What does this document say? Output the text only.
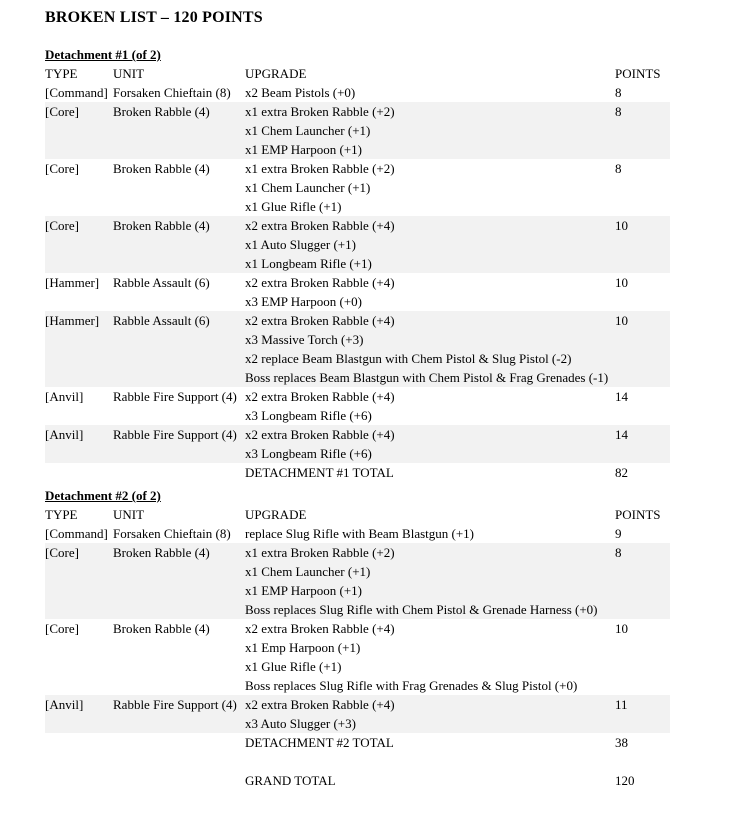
BROKEN LIST – 120 POINTS
Detachment #1 (of 2)
TYPE	UNIT	UPGRADE	POINTS
[Command]	Forsaken Chieftain (8)	x2 Beam Pistols (+0)	8
[Core]	Broken Rabble (4)	x1 extra Broken Rabble (+2)
x1 Chem Launcher (+1)
x1 EMP Harpoon (+1)	8
[Core]	Broken Rabble (4)	x1 extra Broken Rabble (+2)
x1 Chem Launcher (+1)
x1 Glue Rifle (+1)	8
[Core]	Broken Rabble (4)	x2 extra Broken Rabble (+4)
x1 Auto Slugger (+1)
x1 Longbeam Rifle (+1)	10
[Hammer]	Rabble Assault (6)	x2 extra Broken Rabble (+4)
x3 EMP Harpoon (+0)	10
[Hammer]	Rabble Assault (6)	x2 extra Broken Rabble (+4)
x3 Massive Torch (+3)
x2 replace Beam Blastgun with Chem Pistol & Slug Pistol (-2)
Boss replaces Beam Blastgun with Chem Pistol & Frag Grenades (-1)	10
[Anvil]	Rabble Fire Support (4)	x2 extra Broken Rabble (+4)
x3 Longbeam Rifle (+6)	14
[Anvil]	Rabble Fire Support (4)	x2 extra Broken Rabble (+4)
x3 Longbeam Rifle (+6)	14
		DETACHMENT #1 TOTAL	82
Detachment #2 (of 2)
TYPE	UNIT	UPGRADE	POINTS
[Command]	Forsaken Chieftain (8)	replace Slug Rifle with Beam Blastgun (+1)	9
[Core]	Broken Rabble (4)	x1 extra Broken Rabble (+2)
x1 Chem Launcher (+1)
x1 EMP Harpoon (+1)
Boss replaces Slug Rifle with Chem Pistol & Grenade Harness (+0)	8
[Core]	Broken Rabble (4)	x2 extra Broken Rabble (+4)
x1 Emp Harpoon (+1)
x1 Glue Rifle (+1)
Boss replaces Slug Rifle with Frag Grenades & Slug Pistol (+0)	10
[Anvil]	Rabble Fire Support (4)	x2 extra Broken Rabble (+4)
x3 Auto Slugger (+3)	11
		DETACHMENT #2 TOTAL	38
		GRAND TOTAL	120
